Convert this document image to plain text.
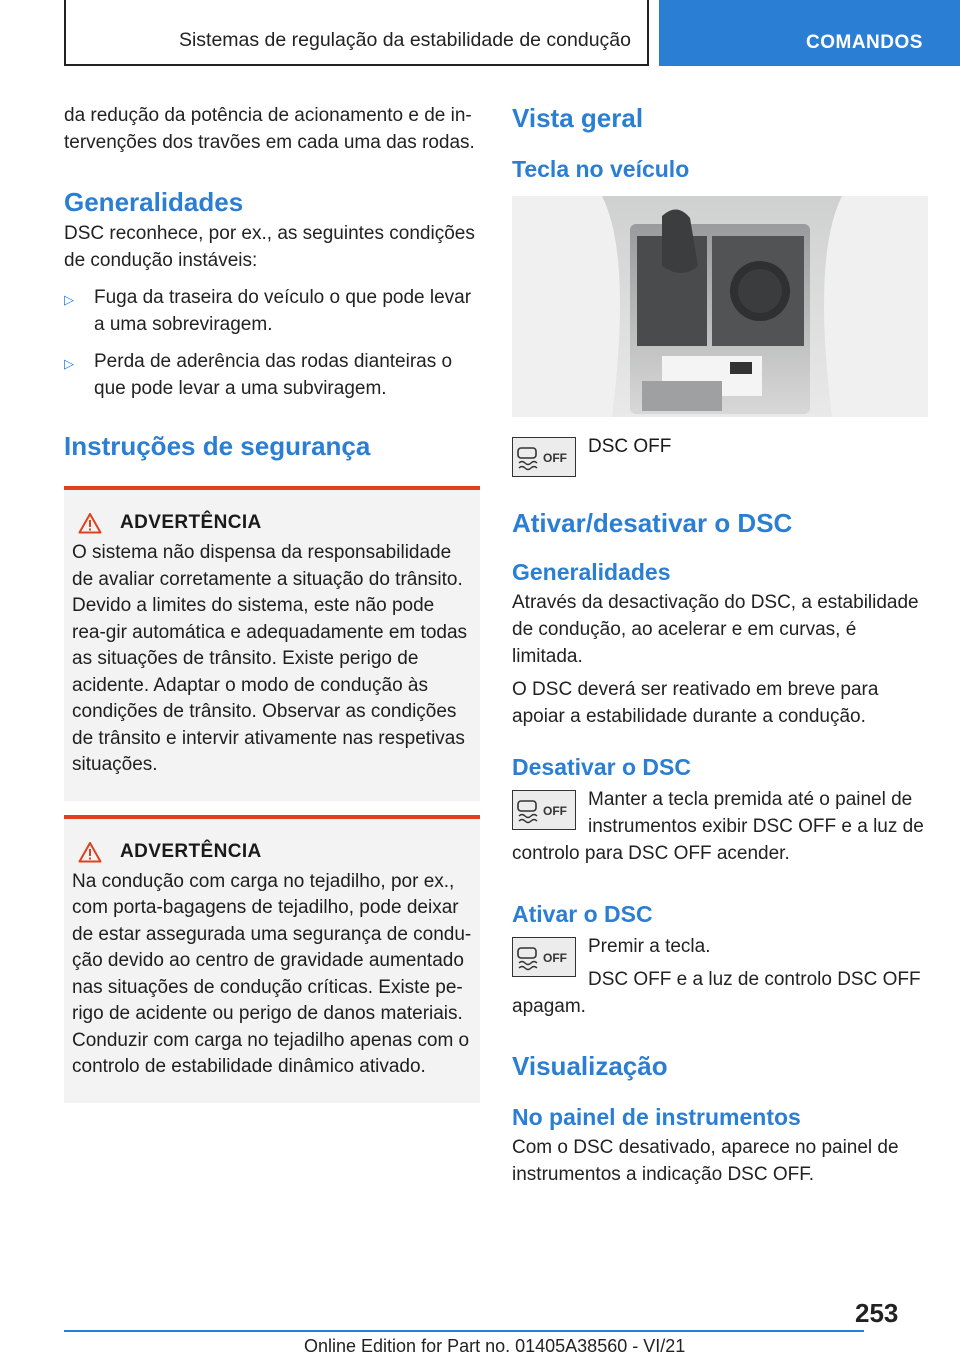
Sistemas de regulação da estabilidade de condução	COMANDOS

da redução da potência de acionamento e de in-tervenções dos travões em cada uma das rodas.

Generalidades

DSC reconhece, por ex., as seguintes condições de condução instáveis:

▷	Fuga da traseira do veículo o que pode levar a uma sobreviragem.
▷	Perda de aderência das rodas dianteiras o que pode levar a uma subviragem.
Instruções de segurança
ADVERTÊNCIA

O sistema não dispensa da responsabilidade de avaliar corretamente a situação do trânsito. Devido a limites do sistema, este não pode rea-gir automática e adequadamente em todas as situações de trânsito. Existe perigo de acidente. Adaptar o modo de condução às condições de trânsito. Observar as condições de trânsito e intervir ativamente nas respetivas situações.

ADVERTÊNCIA

Na condução com carga no tejadilho, por ex., com porta-bagagens de tejadilho, pode deixar de estar assegurada uma segurança de condu-ção devido ao centro de gravidade aumentado nas situações de condução críticas. Existe pe-rigo de acidente ou perigo de danos materiais. Conduzir com carga no tejadilho apenas com o controlo de estabilidade dinâmico ativado.

Vista geral
Tecla no veículo
OFF
DSC OFF
Ativar/desativar o DSC
Generalidades

Através da desactivação do DSC, a estabilidade de condução, ao acelerar e em curvas, é limitada.

O DSC deverá ser reativado em breve para apoiar a estabilidade durante a condução.

Desativar o DSC
OFF

Manter a tecla premida até o painel de instrumentos exibir DSC OFF e a luz de controlo para DSC OFF acender.

Ativar o DSC
OFF

Premir a tecla.

DSC OFF e a luz de controlo DSC OFF apagam.

Visualização
No painel de instrumentos

Com o DSC desativado, aparece no painel de instrumentos a indicação DSC OFF.

253
Online Edition for Part no. 01405A38560 - VI/21
